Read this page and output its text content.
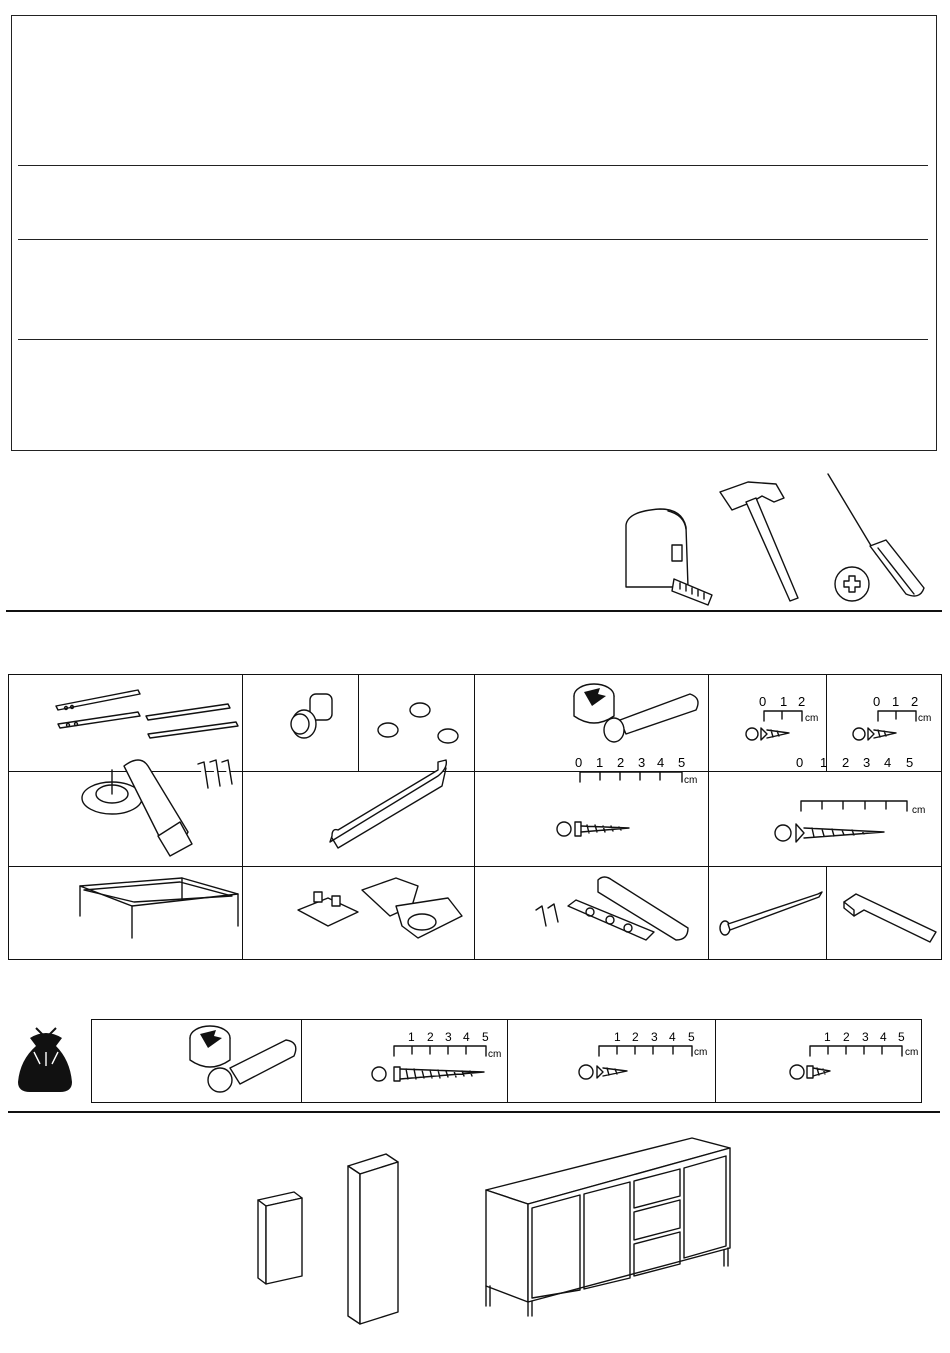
0 1 2
cm
0 1 2
cm
0 1 2 3 4 5
cm
0 1 2 3 4 5
cm
1 2 3 4 5
cm
1 2 3 4 5
cm
1 2 3 4 5
cm
